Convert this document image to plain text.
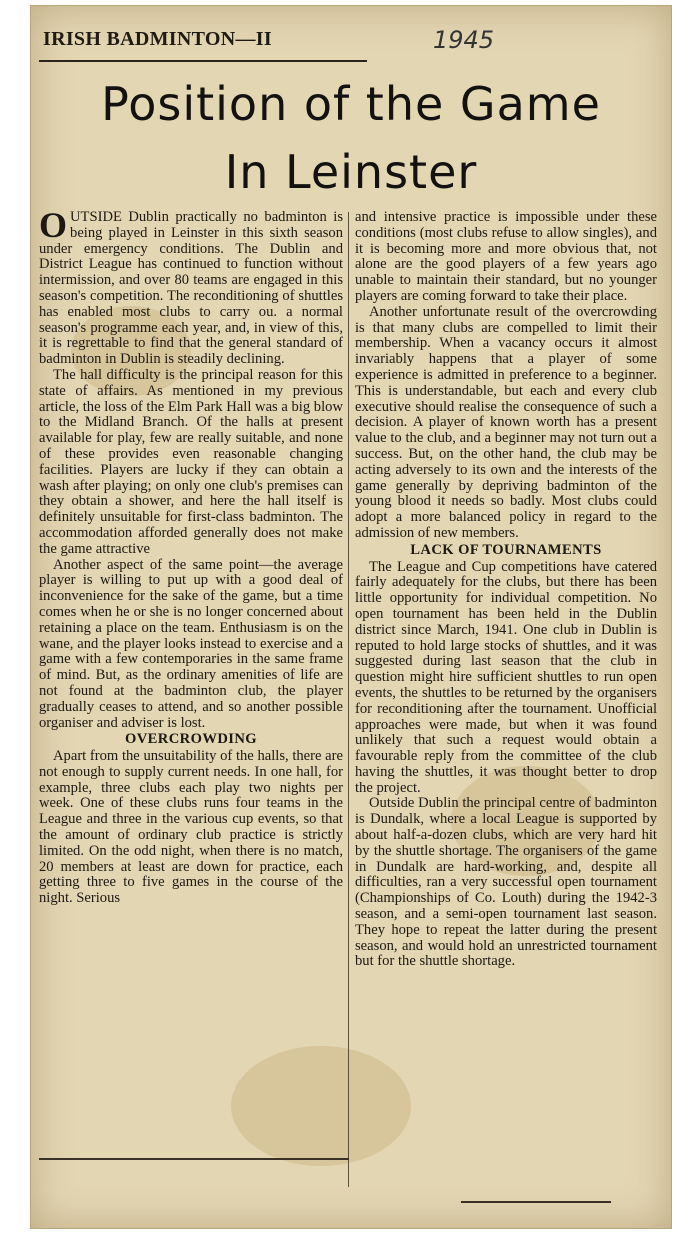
IRISH BADMINTON—II	1945
Position of the Game
In Leinster

OUTSIDE Dublin practically no badminton is being played in Leinster in this sixth season under emergency conditions. The Dublin and District League has continued to function without intermission, and over 80 teams are engaged in this season's competition. The reconditioning of shuttles has enabled most clubs to carry ou. a normal season's programme each year, and, in view of this, it is regrettable to find that the general standard of badminton in Dublin is steadily declining.

The hall difficulty is the principal reason for this state of affairs. As mentioned in my previous article, the loss of the Elm Park Hall was a big blow to the Midland Branch. Of the halls at present available for play, few are really suitable, and none of these provides even reasonable changing facilities. Players are lucky if they can obtain a wash after playing; on only one club's premises can they obtain a shower, and here the hall itself is definitely unsuitable for first-class badminton. The accommodation afforded generally does not make the game attractive

Another aspect of the same point—the average player is willing to put up with a good deal of inconvenience for the sake of the game, but a time comes when he or she is no longer concerned about retaining a place on the team. Enthusiasm is on the wane, and the player looks instead to exercise and a game with a few contemporaries in the same frame of mind. But, as the ordinary amenities of life are not found at the badminton club, the player gradually ceases to attend, and so another possible organiser and adviser is lost.

OVERCROWDING

Apart from the unsuitability of the halls, there are not enough to supply current needs. In one hall, for example, three clubs each play two nights per week. One of these clubs runs four teams in the League and three in the various cup events, so that the amount of ordinary club practice is strictly limited. On the odd night, when there is no match, 20 members at least are down for practice, each getting three to five games in the course of the night. Serious

and intensive practice is impossible under these conditions (most clubs refuse to allow singles), and it is becoming more and more obvious that, not alone are the good players of a few years ago unable to maintain their standard, but no younger players are coming forward to take their place.

Another unfortunate result of the overcrowding is that many clubs are compelled to limit their membership. When a vacancy occurs it almost invariably happens that a player of some experience is admitted in preference to a beginner. This is understandable, but each and every club executive should realise the consequence of such a decision. A player of known worth has a present value to the club, and a beginner may not turn out a success. But, on the other hand, the club may be acting adversely to its own and the interests of the game generally by depriving badminton of the young blood it needs so badly. Most clubs could adopt a more balanced policy in regard to the admission of new members.

LACK OF TOURNAMENTS

The League and Cup competitions have catered fairly adequately for the clubs, but there has been little opportunity for individual competition. No open tournament has been held in the Dublin district since March, 1941. One club in Dublin is reputed to hold large stocks of shuttles, and it was suggested during last season that the club in question might hire sufficient shuttles to run open events, the shuttles to be returned by the organisers for reconditioning after the tournament. Unofficial approaches were made, but when it was found unlikely that such a request would obtain a favourable reply from the committee of the club having the shuttles, it was thought better to drop the project.

Outside Dublin the principal centre of badminton is Dundalk, where a local League is supported by about half-a-dozen clubs, which are very hard hit by the shuttle shortage. The organisers of the game in Dundalk are hard-working, and, despite all difficulties, ran a very successful open tournament (Championships of Co. Louth) during the 1942-3 season, and a semi-open tournament last season. They hope to repeat the latter during the present season, and would hold an unrestricted tournament but for the shuttle shortage.
